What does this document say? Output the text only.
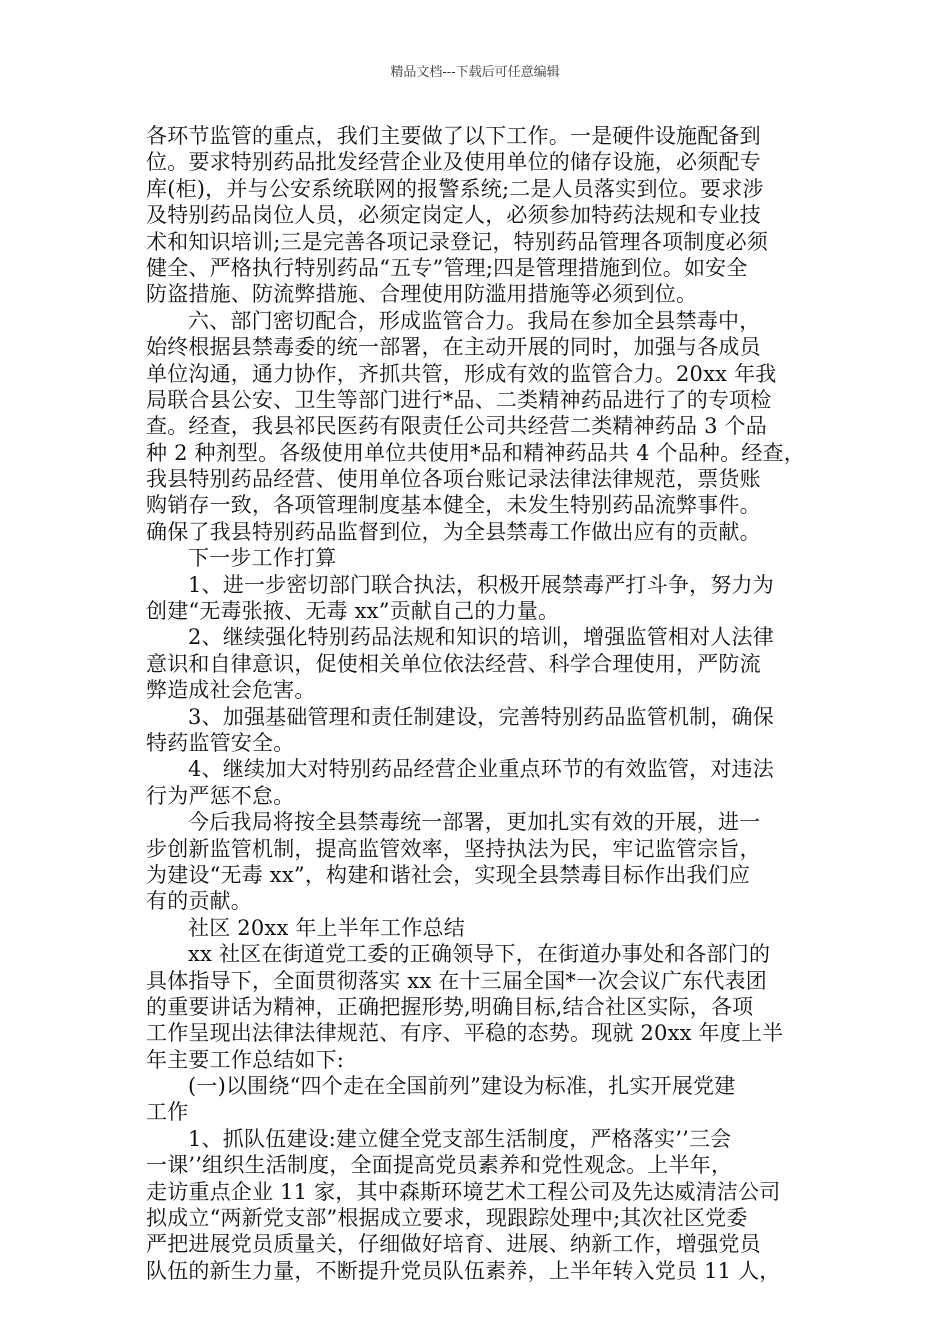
精品文档---下载后可任意编辑
各环节监管的重点，我们主要做了以下工作。一是硬件设施配备到
位。要求特别药品批发经营企业及使用单位的储存设施，必须配专
库(柜)，并与公安系统联网的报警系统;二是人员落实到位。要求涉
及特别药品岗位人员，必须定岗定人，必须参加特药法规和专业技
术和知识培训;三是完善各项记录登记，特别药品管理各项制度必须
健全、严格执行特别药品“五专”管理;四是管理措施到位。如安全
防盗措施、防流弊措施、合理使用防滥用措施等必须到位。
六、部门密切配合，形成监管合力。我局在参加全县禁毒中，
始终根据县禁毒委的统一部署，在主动开展的同时，加强与各成员
单位沟通，通力协作，齐抓共管，形成有效的监管合力。20xx 年我
局联合县公安、卫生等部门进行*品、二类精神药品进行了的专项检
查。经查，我县祁民医药有限责任公司共经营二类精神药品 3 个品
种 2 种剂型。各级使用单位共使用*品和精神药品共 4 个品种。经查，
我县特别药品经营、使用单位各项台账记录法律法律规范，票货账
购销存一致，各项管理制度基本健全，未发生特别药品流弊事件。
确保了我县特别药品监督到位，为全县禁毒工作做出应有的贡献。
下一步工作打算
1、进一步密切部门联合执法，积极开展禁毒严打斗争，努力为
创建“无毒张掖、无毒 xx”贡献自己的力量。
2、继续强化特别药品法规和知识的培训，增强监管相对人法律
意识和自律意识，促使相关单位依法经营、科学合理使用，严防流
弊造成社会危害。
3、加强基础管理和责任制建设，完善特别药品监管机制，确保
特药监管安全。
4、继续加大对特别药品经营企业重点环节的有效监管，对违法
行为严惩不怠。
今后我局将按全县禁毒统一部署，更加扎实有效的开展，进一
步创新监管机制，提高监管效率，坚持执法为民，牢记监管宗旨，
为建设“无毒 xx”，构建和谐社会，实现全县禁毒目标作出我们应
有的贡献。
社区 20xx 年上半年工作总结
xx 社区在街道党工委的正确领导下，在街道办事处和各部门的
具体指导下，全面贯彻落实 xx 在十三届全国*一次会议广东代表团
的重要讲话为精神，正确把握形势,明确目标,结合社区实际，各项
工作呈现出法律法律规范、有序、平稳的态势。现就 20xx 年度上半
年主要工作总结如下:
(一)以围绕“四个走在全国前列”建设为标准，扎实开展党建
工作
1、抓队伍建设:建立健全党支部生活制度，严格落实’’三会
一课’’组织生活制度，全面提高党员素养和党性观念。上半年，
走访重点企业 11 家，其中森斯环境艺术工程公司及先达威清洁公司
拟成立“两新党支部”根据成立要求，现跟踪处理中;其次社区党委
严把进展党员质量关，仔细做好培育、进展、纳新工作，增强党员
队伍的新生力量，不断提升党员队伍素养，上半年转入党员 11 人，
